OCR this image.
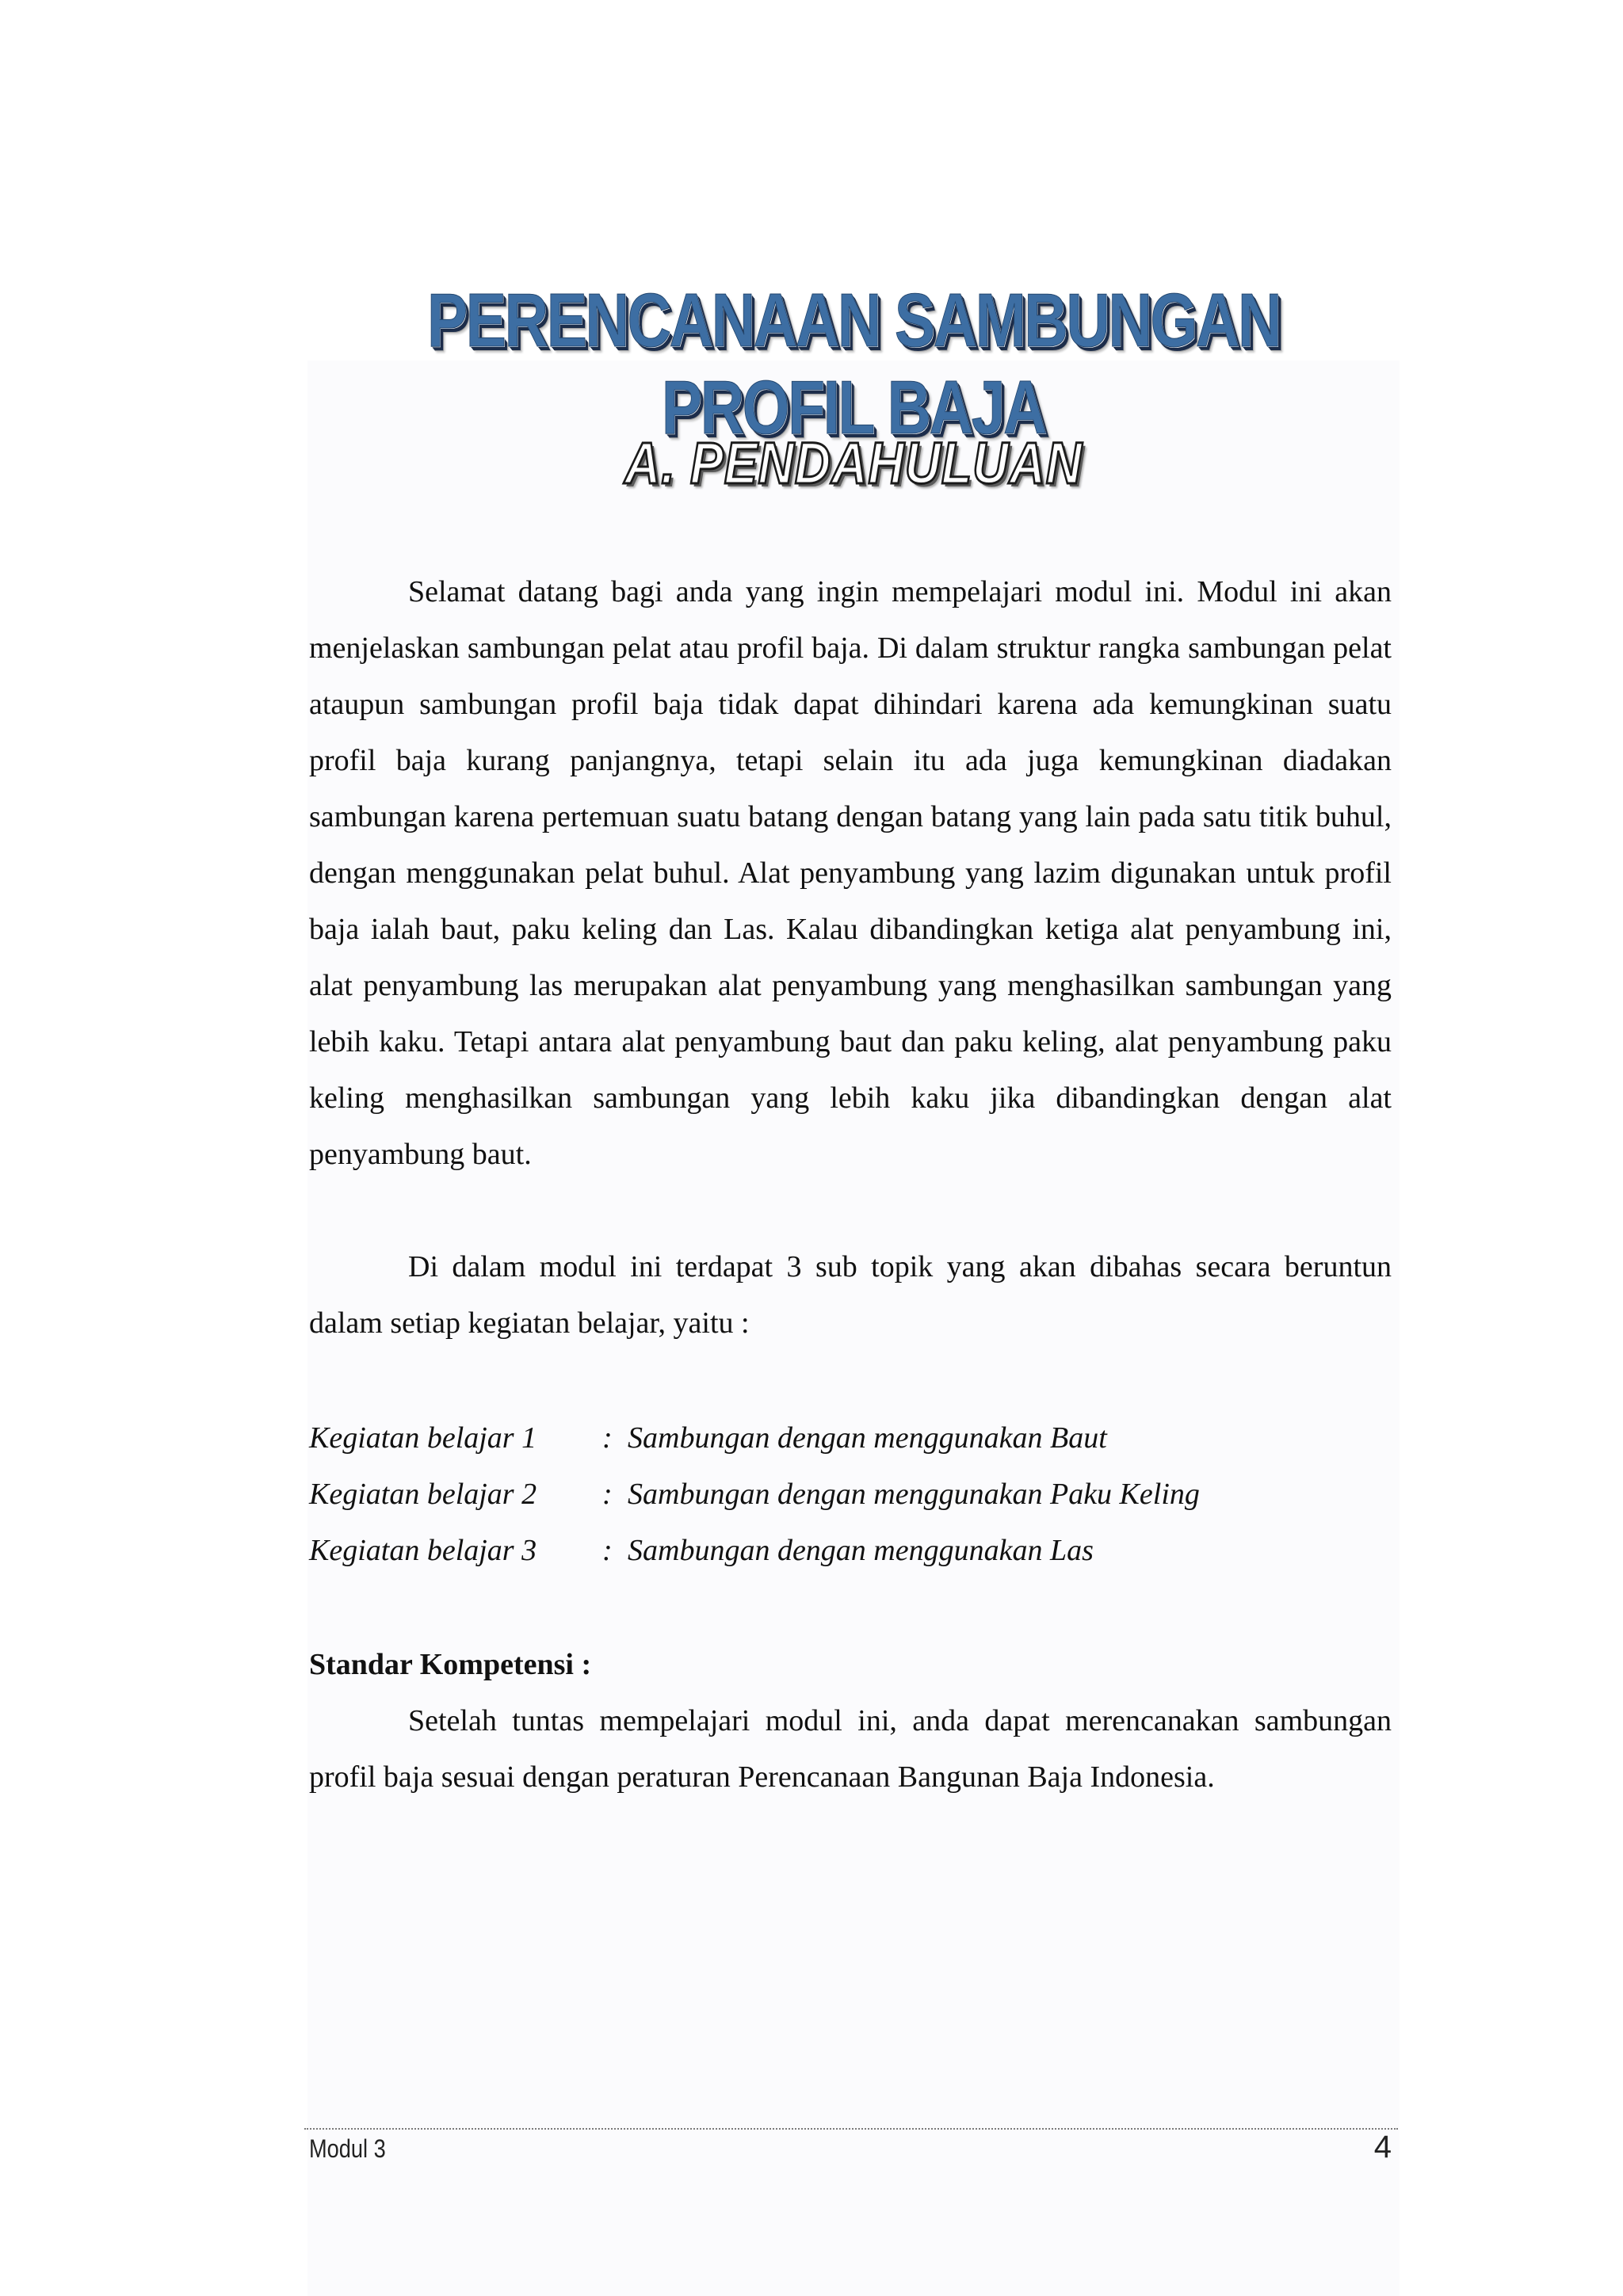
PERENCANAAN SAMBUNGAN PROFIL BAJA
A. PENDAHULUAN

Selamat datang bagi anda yang ingin mempelajari modul ini. Modul ini akan menjelaskan sambungan pelat atau profil baja. Di dalam struktur rangka sambungan pelat ataupun sambungan profil baja tidak dapat dihindari karena ada kemungkinan suatu profil baja kurang panjangnya, tetapi selain itu ada juga kemungkinan diadakan sambungan karena pertemuan suatu batang dengan batang yang lain pada satu titik buhul, dengan menggunakan pelat buhul. Alat penyambung yang lazim digunakan untuk profil baja ialah baut, paku keling dan Las. Kalau dibandingkan ketiga alat penyambung ini, alat penyambung las merupakan alat penyambung yang menghasilkan sambungan yang lebih kaku. Tetapi antara alat penyambung baut dan paku keling, alat penyambung paku keling menghasilkan sambungan yang lebih kaku jika dibandingkan dengan alat penyambung baut.

Di dalam modul ini terdapat 3 sub topik yang akan dibahas secara beruntun dalam setiap kegiatan belajar, yaitu :

Kegiatan belajar 1	: Sambungan dengan menggunakan Baut
Kegiatan belajar 2	: Sambungan dengan menggunakan Paku Keling
Kegiatan belajar 3	: Sambungan dengan menggunakan Las
Standar Kompetensi :

Setelah tuntas mempelajari modul ini, anda dapat merencanakan sambungan profil baja sesuai dengan peraturan Perencanaan Bangunan Baja Indonesia.

Modul 3	4
